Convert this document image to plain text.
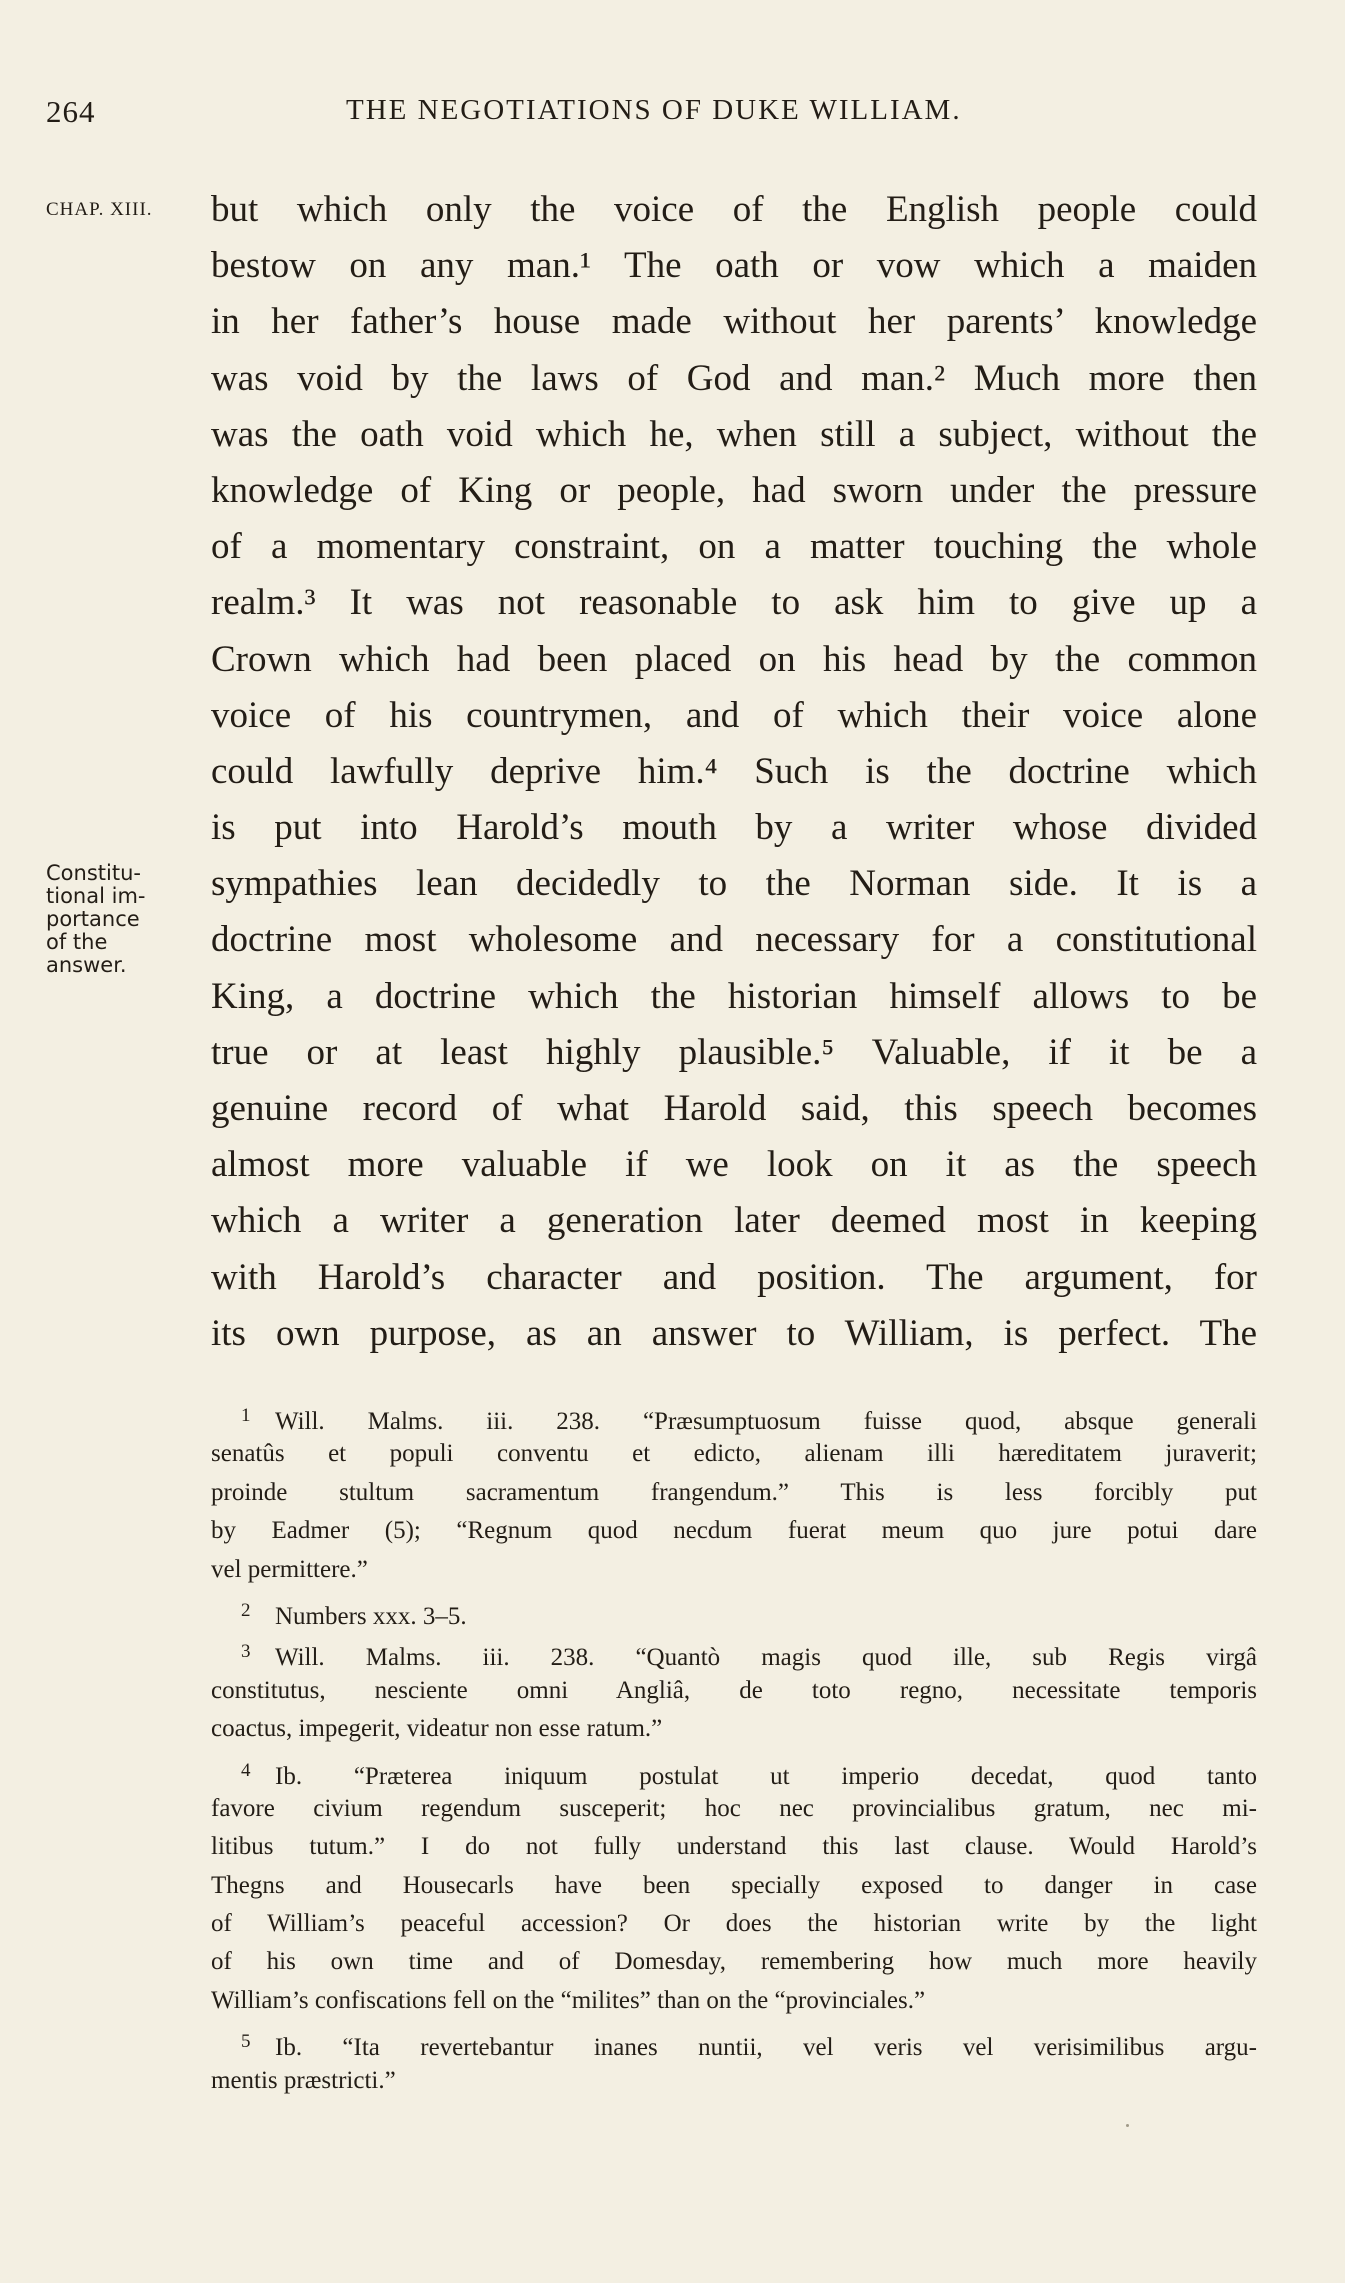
264	THE NEGOTIATIONS OF DUKE WILLIAM.
CHAP. XIII.
Constitu-
tional im-
portance
of the
answer.
but which only the voice of the English people could
bestow on any man.¹ The oath or vow which a maiden
in her father’s house made without her parents’ knowledge
was void by the laws of God and man.² Much more then
was the oath void which he, when still a subject, without the
knowledge of King or people, had sworn under the pressure
of a momentary constraint, on a matter touching the whole
realm.³ It was not reasonable to ask him to give up a
Crown which had been placed on his head by the common
voice of his countrymen, and of which their voice alone
could lawfully deprive him.⁴ Such is the doctrine which
is put into Harold’s mouth by a writer whose divided
sympathies lean decidedly to the Norman side. It is a
doctrine most wholesome and necessary for a constitutional
King, a doctrine which the historian himself allows to be
true or at least highly plausible.⁵ Valuable, if it be a
genuine record of what Harold said, this speech becomes
almost more valuable if we look on it as the speech
which a writer a generation later deemed most in keeping
with Harold’s character and position. The argument, for
its own purpose, as an answer to William, is perfect. The
1 Will. Malms. iii. 238. “Præsumptuosum fuisse quod, absque generali
senatûs et populi conventu et edicto, alienam illi hæreditatem juraverit;
proinde stultum sacramentum frangendum.” This is less forcibly put
by Eadmer (5); “Regnum quod necdum fuerat meum quo jure potui dare
vel permittere.”
2 Numbers xxx. 3–5.
3 Will. Malms. iii. 238. “Quantò magis quod ille, sub Regis virgâ
constitutus, nesciente omni Angliâ, de toto regno, necessitate temporis
coactus, impegerit, videatur non esse ratum.”
4 Ib. “Præterea iniquum postulat ut imperio decedat, quod tanto
favore civium regendum susceperit; hoc nec provincialibus gratum, nec mi-
litibus tutum.” I do not fully understand this last clause. Would Harold’s
Thegns and Housecarls have been specially exposed to danger in case
of William’s peaceful accession? Or does the historian write by the light
of his own time and of Domesday, remembering how much more heavily
William’s confiscations fell on the “milites” than on the “provinciales.”
5 Ib. “Ita revertebantur inanes nuntii, vel veris vel verisimilibus argu-
mentis præstricti.”
